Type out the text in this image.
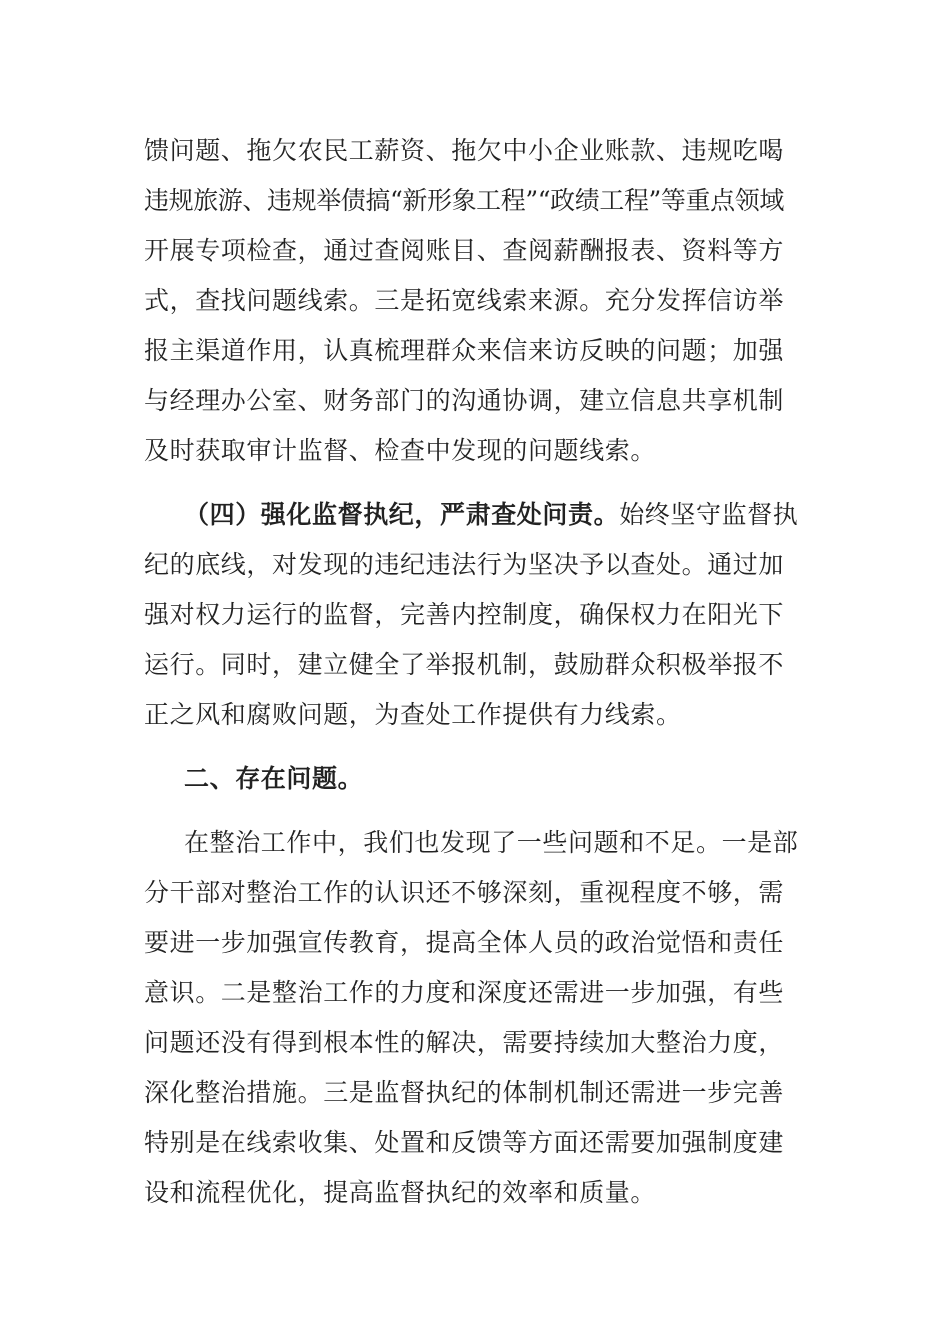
馈问题、拖欠农民工薪资、拖欠中小企业账款、违规吃喝
违规旅游、违规举债搞“新形象工程”“政绩工程”等重点领域
开展专项检查，通过查阅账目、查阅薪酬报表、资料等方
式，查找问题线索。三是拓宽线索来源。充分发挥信访举
报主渠道作用，认真梳理群众来信来访反映的问题；加强
与经理办公室、财务部门的沟通协调，建立信息共享机制
及时获取审计监督、检查中发现的问题线索。
（四）强化监督执纪，严肃查处问责。始终坚守监督执
纪的底线，对发现的违纪违法行为坚决予以查处。通过加
强对权力运行的监督，完善内控制度，确保权力在阳光下
运行。同时，建立健全了举报机制，鼓励群众积极举报不
正之风和腐败问题，为查处工作提供有力线索。
二、存在问题。
在整治工作中，我们也发现了一些问题和不足。一是部
分干部对整治工作的认识还不够深刻，重视程度不够，需
要进一步加强宣传教育，提高全体人员的政治觉悟和责任
意识。二是整治工作的力度和深度还需进一步加强，有些
问题还没有得到根本性的解决，需要持续加大整治力度，
深化整治措施。三是监督执纪的体制机制还需进一步完善
特别是在线索收集、处置和反馈等方面还需要加强制度建
设和流程优化，提高监督执纪的效率和质量。
